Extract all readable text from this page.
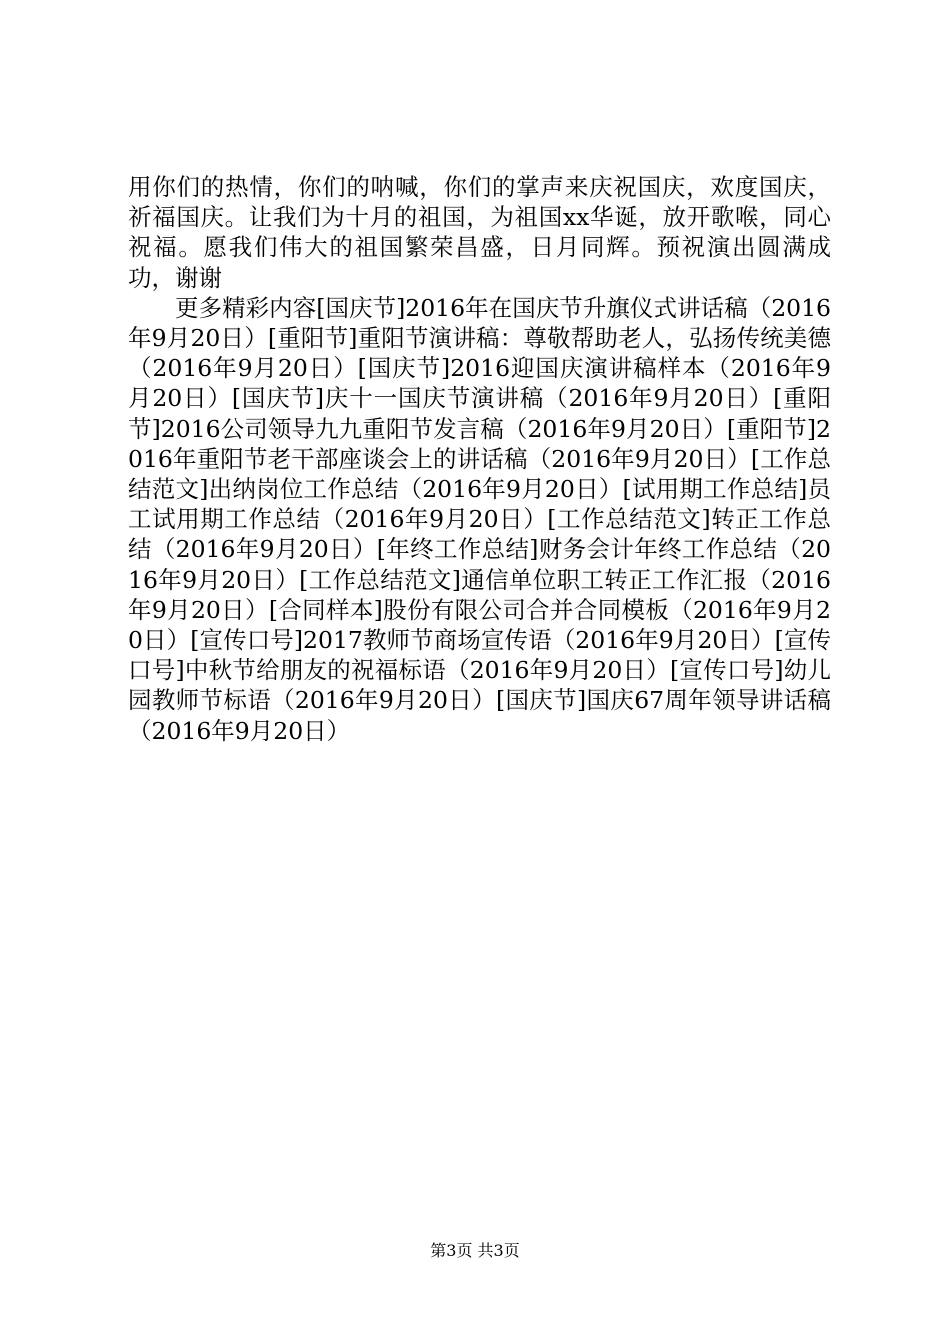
用你们的热情，你们的呐喊，你们的掌声来庆祝国庆，欢度国庆，祈福国庆。让我们为十月的祖国，为祖国xx华诞，放开歌喉，同心祝福。愿我们伟大的祖国繁荣昌盛，日月同辉。预祝演出圆满成功，谢谢

更多精彩内容[国庆节]2016年在国庆节升旗仪式讲话稿（2016年9月20日）[重阳节]重阳节演讲稿：尊敬帮助老人，弘扬传统美德（2016年9月20日）[国庆节]2016迎国庆演讲稿样本（2016年9月20日）[国庆节]庆十一国庆节演讲稿（2016年9月20日）[重阳节]2016公司领导九九重阳节发言稿（2016年9月20日）[重阳节]2016年重阳节老干部座谈会上的讲话稿（2016年9月20日）[工作总结范文]出纳岗位工作总结（2016年9月20日）[试用期工作总结]员工试用期工作总结（2016年9月20日）[工作总结范文]转正工作总结（2016年9月20日）[年终工作总结]财务会计年终工作总结（2016年9月20日）[工作总结范文]通信单位职工转正工作汇报（2016年9月20日）[合同样本]股份有限公司合并合同模板（2016年9月20日）[宣传口号]2017教师节商场宣传语（2016年9月20日）[宣传口号]中秋节给朋友的祝福标语（2016年9月20日）[宣传口号]幼儿园教师节标语（2016年9月20日）[国庆节]国庆67周年领导讲话稿（2016年9月20日）

第3页 共3页
